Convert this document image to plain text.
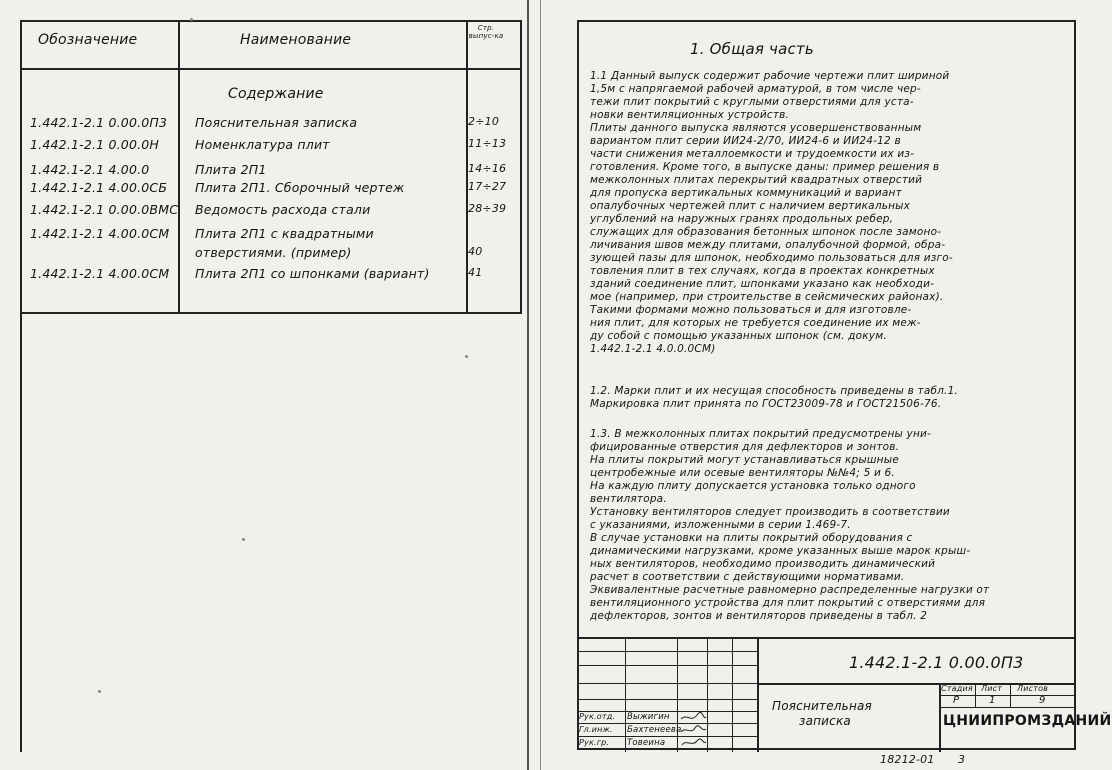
Обозначение	Наименование
Стр. выпус-ка
Содержание
1.442.1-2.1 0.00.0П3 Пояснительная записка	2÷10
1.442.1-2.1 0.00.0Н	Номенклатура плит	11÷13
1.442.1-2.1 4.00.0	Плита 2П1	14÷16
1.442.1-2.1 4.00.0СБ Плита 2П1. Сборочный чертеж	17÷27
1.442.1-2.1 0.00.0ВМС Ведомость расхода стали	28÷39
1.442.1-2.1 4.00.0СМ Плита 2П1 с квадратными
отверстиями. (пример)	40
1.442.1-2.1 4.00.0СМ Плита 2П1 со шпонками (вариант)	41
1. Общая часть
1.1 Данный выпуск содержит рабочие чертежи плит шириной
1,5м с напрягаемой рабочей арматурой, в том числе чер-
тежи плит покрытий с круглыми отверстиями для уста-
новки вентиляционных устройств.
Плиты данного выпуска являются усовершенствованным
вариантом плит серии ИИ24-2/70, ИИ24-6 и ИИ24-12 в
части снижения металлоемкости и трудоемкости их из-
готовления. Кроме того, в выпуске даны: пример решения в
межколонных плитах перекрытий квадратных отверстий
для пропуска вертикальных коммуникаций и вариант
опалубочных чертежей плит с наличием вертикальных
углублений на наружных гранях продольных ребер,
служащих для образования бетонных шпонок после замоно-
личивания швов между плитами, опалубочной формой, обра-
зующей пазы для шпонок, необходимо пользоваться для изго-
товления плит в тех случаях, когда в проектах конкретных
зданий соединение плит, шпонками указано как необходи-
мое (например, при строительстве в сейсмических районах).
Такими формами можно пользоваться и для изготовле-
ния плит, для которых не требуется соединение их меж-
ду собой с помощью указанных шпонок (см. докум.
1.442.1-2.1 4.0.0.0СМ)
1.2. Марки плит и их несущая способность приведены в табл.1.
Маркировка плит принята по ГОСТ23009-78 и ГОСТ21506-76.
1.3. В межколонных плитах покрытий предусмотрены уни-
фицированные отверстия для дефлекторов и зонтов.
На плиты покрытий могут устанавливаться крышные
центробежные или осевые вентиляторы №№4; 5 и 6.
На каждую плиту допускается установка только одного
вентилятора.
Установку вентиляторов следует производить в соответствии
с указаниями, изложенными в серии 1.469-7.
В случае установки на плиты покрытий оборудования с
динамическими нагрузками, кроме указанных выше марок крыш-
ных вентиляторов, необходимо производить динамический
расчет в соответствии с действующими нормативами.
Эквивалентные расчетные равномерно распределенные нагрузки от
вентиляционного устройства для плит покрытий с отверстиями для
дефлекторов, зонтов и вентиляторов приведены в табл. 2
1.442.1-2.1 0.00.0П3
Пояснительная
записка
Стадия Лист Листов
Р	1	9
ЦНИИПРОМЗДАНИЙ
Рук.отд. Выжигин
Гл.инж. Бахтенеева
Рук.гр. Товеина
18212-01 3
